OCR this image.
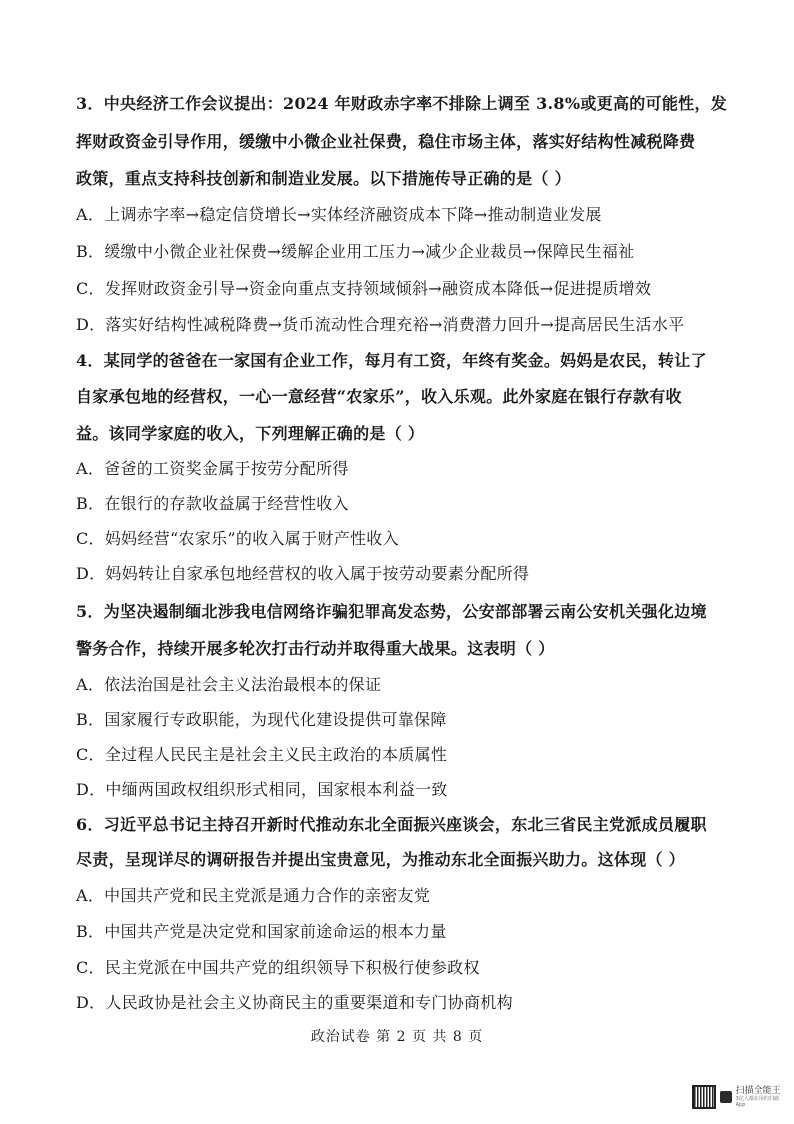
3．中央经济工作会议提出：2024 年财政赤字率不排除上调至 3.8%或更高的可能性，发
挥财政资金引导作用，缓缴中小微企业社保费，稳住市场主体，落实好结构性减税降费
政策，重点支持科技创新和制造业发展。以下措施传导正确的是（ ）
A．上调赤字率→稳定信贷增长→实体经济融资成本下降→推动制造业发展
B．缓缴中小微企业社保费→缓解企业用工压力→减少企业裁员→保障民生福祉
C．发挥财政资金引导→资金向重点支持领域倾斜→融资成本降低→促进提质增效
D．落实好结构性减税降费→货币流动性合理充裕→消费潜力回升→提高居民生活水平
4．某同学的爸爸在一家国有企业工作，每月有工资，年终有奖金。妈妈是农民，转让了
自家承包地的经营权，一心一意经营“农家乐”，收入乐观。此外家庭在银行存款有收
益。该同学家庭的收入，下列理解正确的是（ ）
A．爸爸的工资奖金属于按劳分配所得
B．在银行的存款收益属于经营性收入
C．妈妈经营“农家乐”的收入属于财产性收入
D．妈妈转让自家承包地经营权的收入属于按劳动要素分配所得
5．为坚决遏制缅北涉我电信网络诈骗犯罪高发态势，公安部部署云南公安机关强化边境
警务合作，持续开展多轮次打击行动并取得重大战果。这表明（ ）
A．依法治国是社会主义法治最根本的保证
B．国家履行专政职能，为现代化建设提供可靠保障
C．全过程人民民主是社会主义民主政治的本质属性
D．中缅两国政权组织形式相同，国家根本利益一致
6．习近平总书记主持召开新时代推动东北全面振兴座谈会，东北三省民主党派成员履职
尽责，呈现详尽的调研报告并提出宝贵意见，为推动东北全面振兴助力。这体现（ ）
A．中国共产党和民主党派是通力合作的亲密友党
B．中国共产党是决定党和国家前途命运的根本力量
C．民主党派在中国共产党的组织领导下积极行使参政权
D．人民政协是社会主义协商民主的重要渠道和专门协商机构
政治试卷 第 2 页 共 8 页
扫描全能王
3亿人都在用的扫描App
